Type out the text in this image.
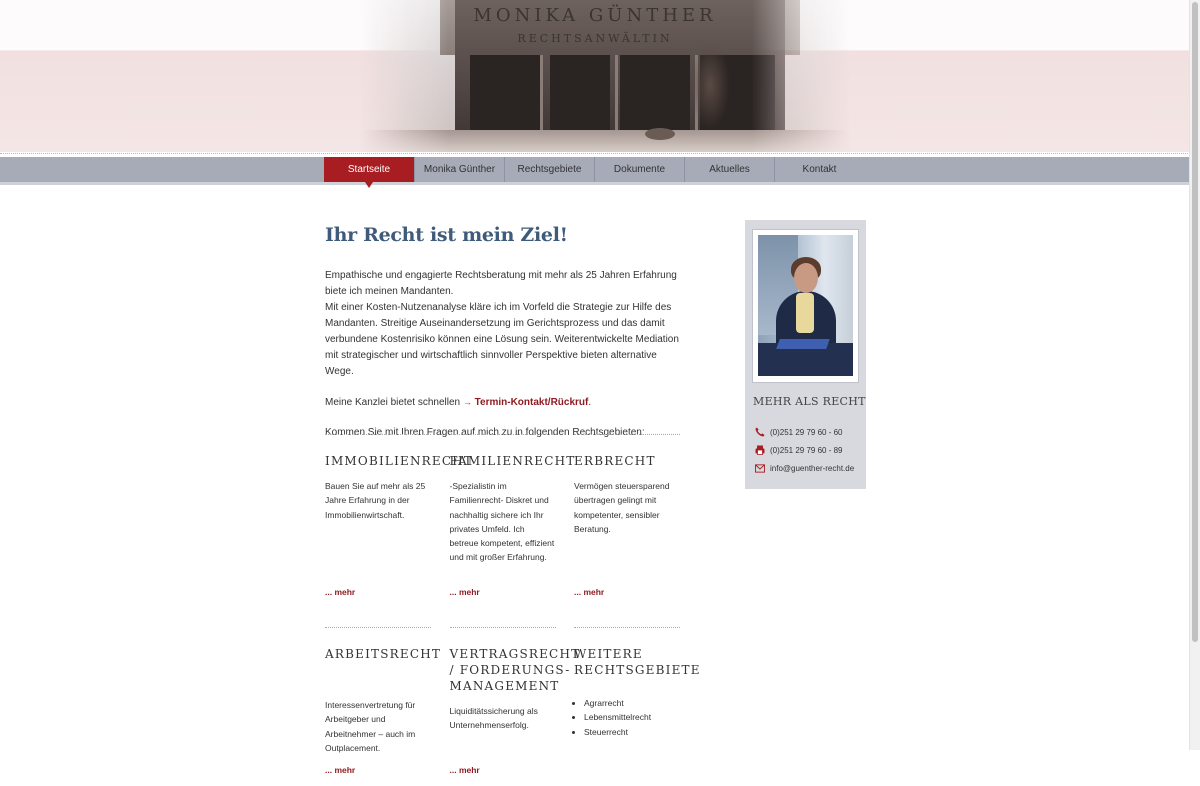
MONIKA GÜNTHER
RECHTSANWÄLTIN
Startseite	Monika Günther	Rechtsgebiete	Dokumente	Aktuelles	Kontakt
Ihr Recht ist mein Ziel!

Empathische und engagierte Rechtsberatung mit mehr als 25 Jahren Erfahrung biete ich meinen Mandanten.
Mit einer Kosten-Nutzenanalyse kläre ich im Vorfeld die Strategie zur Hilfe des Mandanten. Streitige Auseinandersetzung im Gerichtsprozess und das damit verbundene Kostenrisiko können eine Lösung sein. Weiterentwickelte Mediation mit strategischer und wirtschaftlich sinnvoller Perspektive bieten alternative Wege.

Meine Kanzlei bietet schnellen → Termin-Kontakt/Rückruf.

Kommen Sie mit Ihren Fragen auf mich zu in folgenden Rechtsgebieten:

IMMOBILIENRECHT
Bauen Sie auf mehr als 25 Jahre Erfahrung in der Immobilienwirtschaft.
... mehr
FAMILIENRECHT
-Spezialistin im Familienrecht- Diskret und nachhaltig sichere ich Ihr privates Umfeld. Ich betreue kompetent, effizient und mit großer Erfahrung.
... mehr
ERBRECHT
Vermögen steuersparend übertragen gelingt mit kompetenter, sensibler Beratung.
... mehr
ARBEITSRECHT
Interessenvertretung für Arbeitgeber und Arbeitnehmer – auch im Outplacement.
... mehr
VERTRAGSRECHT
/ FORDERUNGS-
MANAGEMENT
Liquiditätssicherung als Unternehmenserfolg.
... mehr
WEITERE
RECHTSGEBIETE
• Agrarrecht
• Lebensmittelrecht
• Steuerrecht
MEHR ALS RECHT
(0)251 29 79 60 - 60
(0)251 29 79 60 - 89
info@guenther-recht.de
